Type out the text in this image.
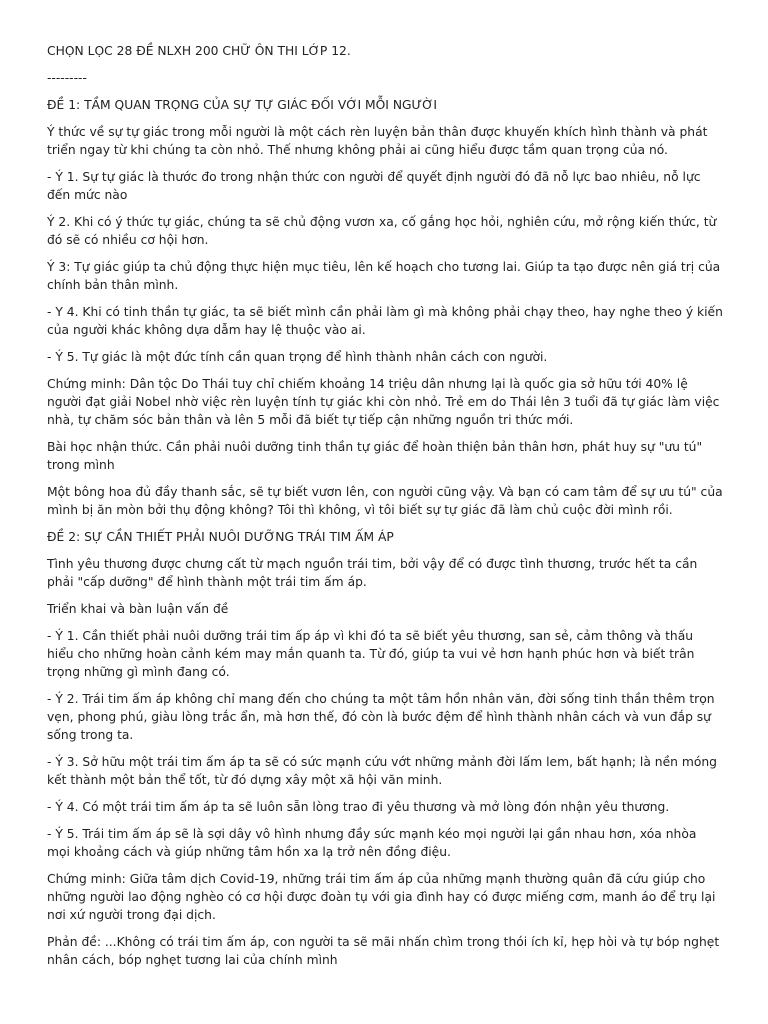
CHỌN LỌC 28 ĐỀ NLXH 200 CHỮ ÔN THI LỚP 12.

---------

ĐỀ 1: TẦM QUAN TRỌNG CỦA SỰ TỰ GIÁC ĐỐI VỚI MỖI NGƯỜI

Ý thức về sự tự giác trong mỗi người là một cách rèn luyện bản thân được khuyến khích hình thành và phát triển ngay từ khi chúng ta còn nhỏ. Thế nhưng không phải ai cũng hiểu được tầm quan trọng của nó.

- Ý 1. Sự tự giác là thước đo trong nhận thức con người để quyết định người đó đã nỗ lực bao nhiêu, nỗ lực đến mức nào

Ý 2. Khi có ý thức tự giác, chúng ta sẽ chủ động vươn xa, cố gắng học hỏi, nghiên cứu, mở rộng kiến thức, từ đó sẽ có nhiều cơ hội hơn.

Ý 3: Tự giác giúp ta chủ động thực hiện mục tiêu, lên kế hoạch cho tương lai. Giúp ta tạo được nên giá trị của chính bản thân mình.

- Y 4. Khi có tinh thần tự giác, ta sẽ biết mình cần phải làm gì mà không phải chạy theo, hay nghe theo ý kiến của người khác không dựa dẫm hay lệ thuộc vào ai.

- Ý 5. Tự giác là một đức tính cần quan trọng để hình thành nhân cách con người.

Chứng minh: Dân tộc Do Thái tuy chỉ chiếm khoảng 14 triệu dân nhưng lại là quốc gia sở hữu tới 40% lệ người đạt giải Nobel nhờ việc rèn luyện tính tự giác khi còn nhỏ. Trẻ em do Thái lên 3 tuổi đã tự giác làm việc nhà, tự chăm sóc bản thân và lên 5 mỗi đã biết tự tiếp cận những nguồn tri thức mới.

Bài học nhận thức. Cần phải nuôi dưỡng tinh thần tự giác để hoàn thiện bản thân hơn, phát huy sự "ưu tú" trong mình

Một bông hoa đủ đầy thanh sắc, sẽ tự biết vươn lên, con người cũng vậy. Và bạn có cam tâm để sự ưu tú" của mình bị ăn mòn bởi thụ động không? Tôi thì không, vì tôi biết sự tự giác đã làm chủ cuộc đời mình rồi.

ĐỀ 2: SỰ CẦN THIẾT PHẢI NUÔI DƯỠNG TRÁI TIM ẤM ÁP

Tình yêu thương được chưng cất từ mạch nguồn trái tim, bởi vậy để có được tình thương, trước hết ta cần phải "cấp dưỡng" để hình thành một trái tim ấm áp.

Triển khai và bàn luận vấn đề

- Ý 1. Cần thiết phải nuôi dưỡng trái tim ấp áp vì khi đó ta sẽ biết yêu thương, san sẻ, cảm thông và thấu hiểu cho những hoàn cảnh kém may mắn quanh ta. Từ đó, giúp ta vui vẻ hơn hạnh phúc hơn và biết trân trọng những gì mình đang có.

- Ý 2. Trái tim ấm áp không chỉ mang đến cho chúng ta một tâm hồn nhân văn, đời sống tinh thần thêm trọn vẹn, phong phú, giàu lòng trắc ẩn, mà hơn thế, đó còn là bước đệm để hình thành nhân cách và vun đắp sự sống trong ta.

- Ý 3. Sở hữu một trái tim ấm áp ta sẽ có sức mạnh cứu vớt những mảnh đời lấm lem, bất hạnh; là nền móng kết thành một bản thể tốt, từ đó dựng xây một xã hội văn minh.

- Ý 4. Có một trái tim ấm áp ta sẽ luôn sẵn lòng trao đi yêu thương và mở lòng đón nhận yêu thương.

- Ý 5. Trái tim ấm áp sẽ là sợi dây vô hình nhưng đầy sức mạnh kéo mọi người lại gần nhau hơn, xóa nhòa mọi khoảng cách và giúp những tâm hồn xa lạ trở nên đồng điệu.

Chứng minh: Giữa tâm dịch Covid-19, những trái tim ấm áp của những mạnh thường quân đã cứu giúp cho những người lao động nghèo có cơ hội được đoàn tụ với gia đình hay có được miếng cơm, manh áo để trụ lại nơi xứ người trong đại dịch.

Phản đề: ...Không có trái tim ấm áp, con người ta sẽ mãi nhấn chìm trong thói ích kỉ, hẹp hòi và tự bóp nghẹt nhân cách, bóp nghẹt tương lai của chính mình
